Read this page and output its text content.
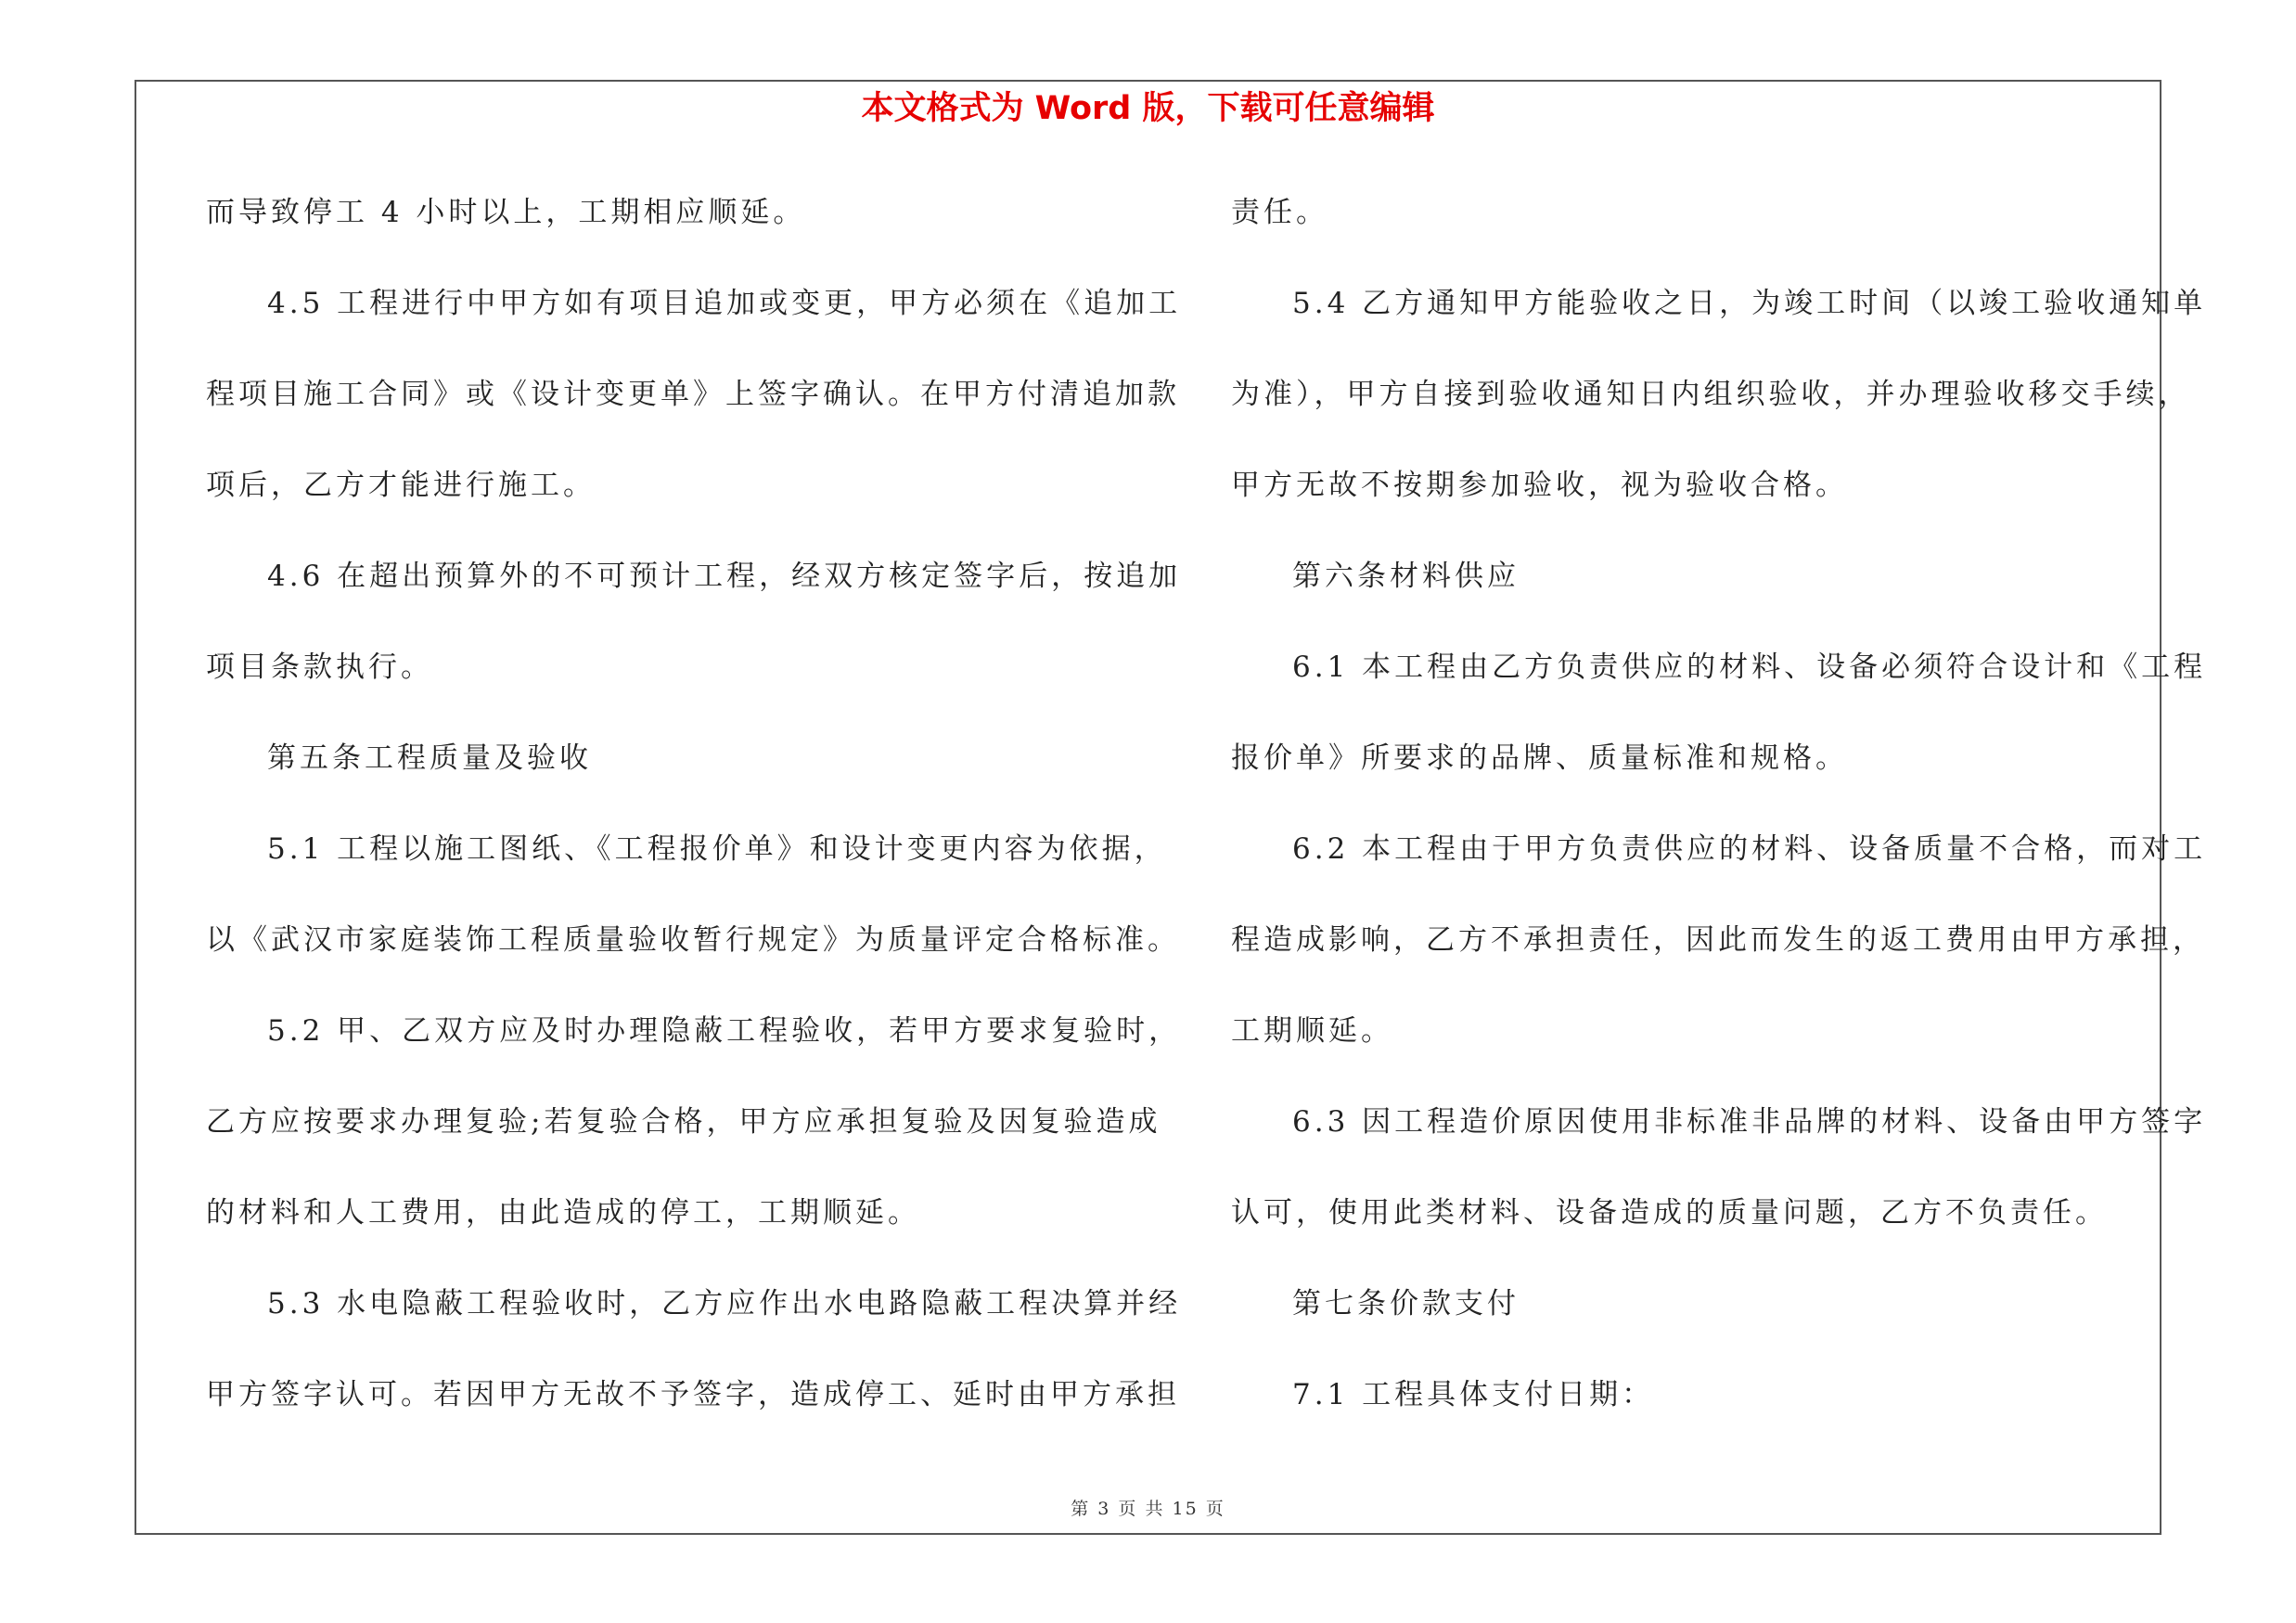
本文格式为 Word 版，下载可任意编辑
而导致停工 4 小时以上，工期相应顺延。
4.5 工程进行中甲方如有项目追加或变更，甲方必须在《追加工
程项目施工合同》或《设计变更单》上签字确认。在甲方付清追加款
项后，乙方才能进行施工。
4.6 在超出预算外的不可预计工程，经双方核定签字后，按追加
项目条款执行。
第五条工程质量及验收
5.1 工程以施工图纸、《工程报价单》和设计变更内容为依据，
以《武汉市家庭装饰工程质量验收暂行规定》为质量评定合格标准。
5.2 甲、乙双方应及时办理隐蔽工程验收，若甲方要求复验时，
乙方应按要求办理复验;若复验合格，甲方应承担复验及因复验造成
的材料和人工费用，由此造成的停工，工期顺延。
5.3 水电隐蔽工程验收时，乙方应作出水电路隐蔽工程决算并经
甲方签字认可。若因甲方无故不予签字，造成停工、延时由甲方承担
责任。
5.4 乙方通知甲方能验收之日，为竣工时间（以竣工验收通知单
为准），甲方自接到验收通知日内组织验收，并办理验收移交手续，
甲方无故不按期参加验收，视为验收合格。
第六条材料供应
6.1 本工程由乙方负责供应的材料、设备必须符合设计和《工程
报价单》所要求的品牌、质量标准和规格。
6.2 本工程由于甲方负责供应的材料、设备质量不合格，而对工
程造成影响，乙方不承担责任，因此而发生的返工费用由甲方承担，
工期顺延。
6.3 因工程造价原因使用非标准非品牌的材料、设备由甲方签字
认可，使用此类材料、设备造成的质量问题，乙方不负责任。
第七条价款支付
7.1 工程具体支付日期：
第 3 页 共 15 页
